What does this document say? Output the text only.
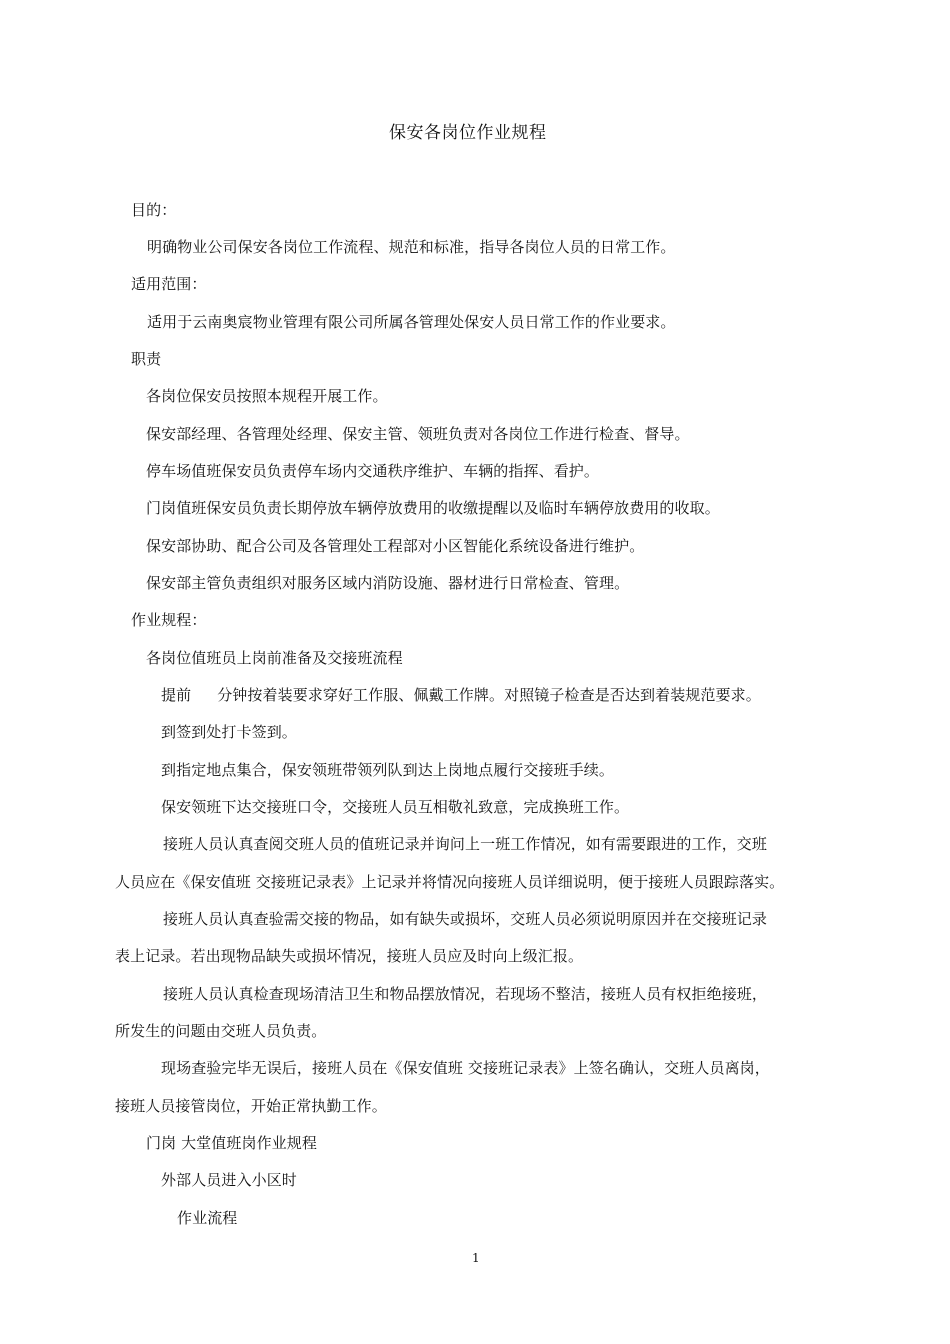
保安各岗位作业规程
目的：
明确物业公司保安各岗位工作流程、规范和标准，指导各岗位人员的日常工作。
适用范围：
适用于云南奥宸物业管理有限公司所属各管理处保安人员日常工作的作业要求。
职责
各岗位保安员按照本规程开展工作。
保安部经理、各管理处经理、保安主管、领班负责对各岗位工作进行检查、督导。
停车场值班保安员负责停车场内交通秩序维护、车辆的指挥、看护。
门岗值班保安员负责长期停放车辆停放费用的收缴提醒以及临时车辆停放费用的收取。
保安部协助、配合公司及各管理处工程部对小区智能化系统设备进行维护。
保安部主管负责组织对服务区域内消防设施、器材进行日常检查、管理。
作业规程：
各岗位值班员上岗前准备及交接班流程
提前 分钟按着装要求穿好工作服、佩戴工作牌。对照镜子检查是否达到着装规范要求。
到签到处打卡签到。
到指定地点集合，保安领班带领列队到达上岗地点履行交接班手续。
保安领班下达交接班口令，交接班人员互相敬礼致意，完成换班工作。
接班人员认真查阅交班人员的值班记录并询问上一班工作情况，如有需要跟进的工作，交班
人员应在《保安值班 交接班记录表》上记录并将情况向接班人员详细说明，便于接班人员跟踪落实。
接班人员认真查验需交接的物品，如有缺失或损坏，交班人员必须说明原因并在交接班记录
表上记录。若出现物品缺失或损坏情况，接班人员应及时向上级汇报。
接班人员认真检查现场清洁卫生和物品摆放情况，若现场不整洁，接班人员有权拒绝接班，
所发生的问题由交班人员负责。
现场查验完毕无误后，接班人员在《保安值班 交接班记录表》上签名确认，交班人员离岗，
接班人员接管岗位，开始正常执勤工作。
门岗 大堂值班岗作业规程
外部人员进入小区时
作业流程
1
